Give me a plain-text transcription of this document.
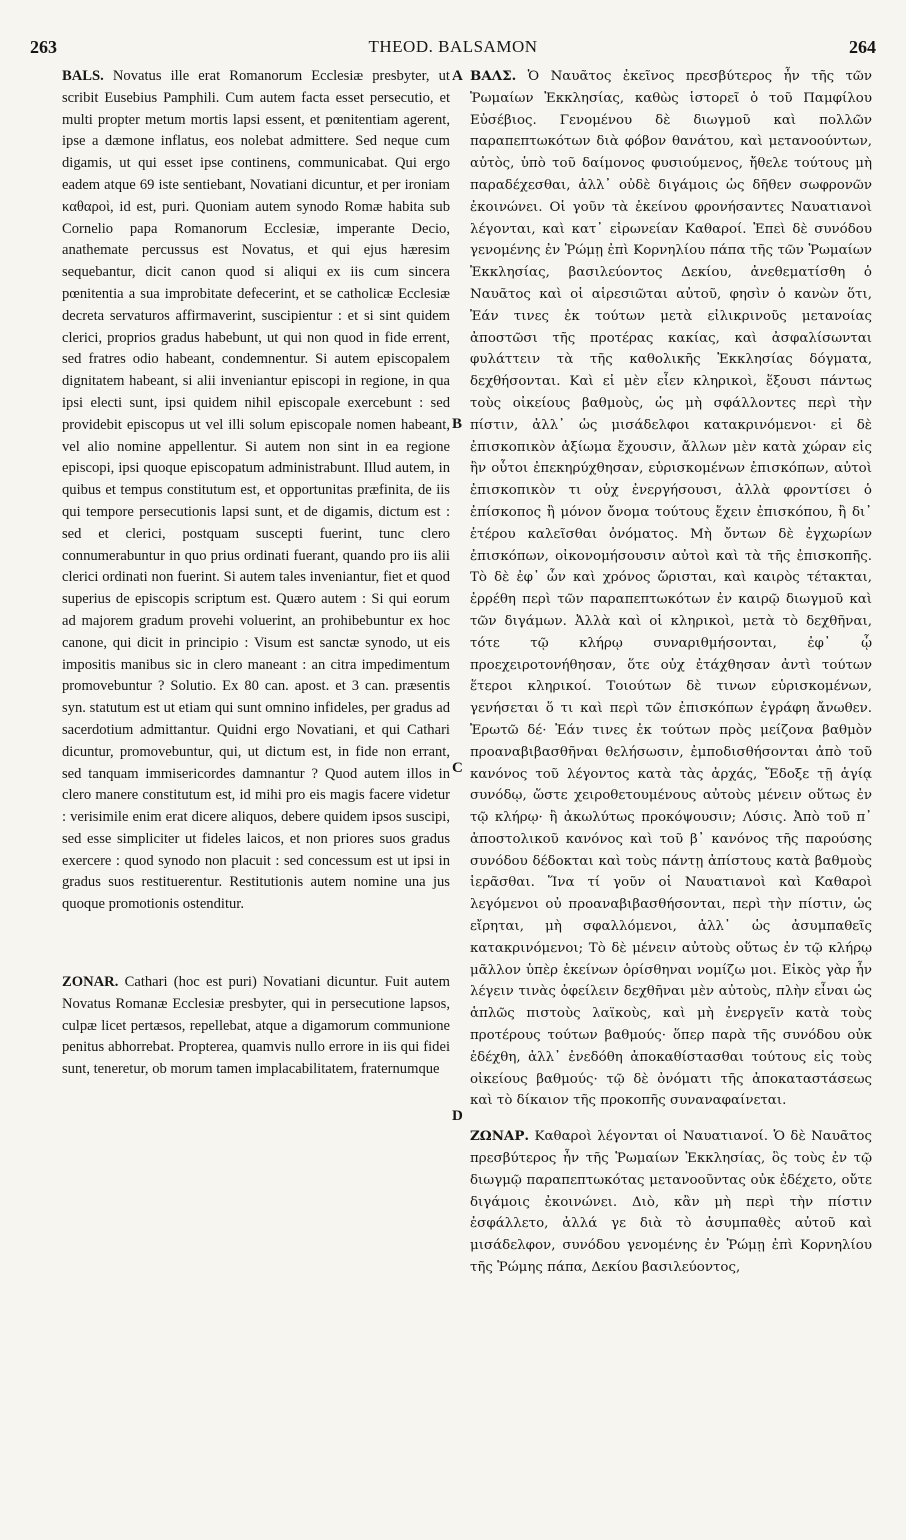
263	THEOD. BALSAMON	264
A
B
C
D

BALS. Novatus ille erat Romanorum Ecclesiæ presbyter, ut scribit Eusebius Pamphili. Cum autem facta esset persecutio, et multi propter metum mortis lapsi essent, et pœnitentiam agerent, ipse a dæmone inflatus, eos nolebat admittere. Sed neque cum digamis, ut qui esset ipse continens, communicabat. Qui ergo eadem atque 69 iste sentiebant, Novatiani dicuntur, et per ironiam καθαροὶ, id est, puri. Quoniam autem synodo Romæ habita sub Cornelio papa Romanorum Ecclesiæ, imperante Decio, anathemate percussus est Novatus, et qui ejus hæresim sequebantur, dicit canon quod si aliqui ex iis cum sincera pœnitentia a sua improbitate defecerint, et se catholicæ Ecclesiæ decreta servaturos affirmaverint, suscipientur : et si sint quidem clerici, proprios gradus habebunt, ut qui non quod in fide errent, sed fratres odio habeant, condemnentur. Si autem episcopalem dignitatem habeant, si alii inveniantur episcopi in regione, in qua ipsi electi sunt, ipsi quidem nihil episcopale exercebunt : sed providebit episcopus ut vel illi solum episcopale nomen habeant, vel alio nomine appellentur. Si autem non sint in ea regione episcopi, ipsi quoque episcopatum administrabunt. Illud autem, in quibus et tempus constitutum est, et opportunitas præfinita, de iis qui tempore persecutionis lapsi sunt, et de digamis, dictum est : sed et clerici, postquam suscepti fuerint, tunc clero connumerabuntur in quo prius ordinati fuerant, quando pro iis alii clerici ordinati non fuerint. Si autem tales inveniantur, fiet et quod superius de episcopis scriptum est. Quæro autem : Si qui eorum ad majorem gradum provehi voluerint, an prohibebuntur ex hoc canone, qui dicit in principio : Visum est sanctæ synodo, ut eis impositis manibus sic in clero maneant : an citra impedimentum promovebuntur ? Solutio. Ex 80 can. apost. et 3 can. præsentis syn. statutum est ut etiam qui sunt omnino infideles, per gradus ad sacerdotium admittantur. Quidni ergo Novatiani, et qui Cathari dicuntur, promovebuntur, qui, ut dictum est, in fide non errant, sed tanquam immisericordes damnantur ? Quod autem illos in clero manere constitutum est, id mihi pro eis magis facere videtur : verisimile enim erat dicere aliquos, debere quidem ipsos suscipi, sed esse simpliciter ut fideles laicos, et non priores suos gradus exercere : quod synodo non placuit : sed concessum est ut ipsi in gradus suos restituerentur. Restitutionis autem nomine una jus quoque promotionis ostenditur.

ZONAR. Cathari (hoc est puri) Novatiani dicuntur. Fuit autem Novatus Romanæ Ecclesiæ presbyter, qui in persecutione lapsos, culpæ licet pertæsos, repellebat, atque a digamorum communione penitus abhorrebat. Propterea, quamvis nullo errore in iis qui fidei sunt, teneretur, ob morum tamen implacabilitatem, fraternumque

ΒΑΛΣ. Ὁ Ναυᾶτος ἐκεῖνος πρεσβύτερος ἦν τῆς τῶν Ῥωμαίων Ἐκκλησίας, καθὼς ἱστορεῖ ὁ τοῦ Παμφίλου Εὐσέβιος. Γενομένου δὲ διωγμοῦ καὶ πολλῶν παραπεπτωκότων διὰ φόβον θανάτου, καὶ μετανοούντων, αὐτὸς, ὑπὸ τοῦ δαίμονος φυσιούμενος, ἤθελε τούτους μὴ παραδέχεσθαι, ἀλλ᾿ οὐδὲ διγάμοις ὡς δῆθεν σωφρονῶν ἐκοινώνει. Οἱ γοῦν τὰ ἐκείνου φρονήσαντες Ναυατιανοὶ λέγονται, καὶ κατ᾿ εἰρωνείαν Καθαροί. Ἐπεὶ δὲ συνόδου γενομένης ἐν Ῥώμῃ ἐπὶ Κορνηλίου πάπα τῆς τῶν Ῥωμαίων Ἐκκλησίας, βασιλεύοντος Δεκίου, ἀνεθεματίσθη ὁ Ναυᾶτος καὶ οἱ αἱρεσιῶται αὐτοῦ, φησὶν ὁ κανὼν ὅτι, Ἐάν τινες ἐκ τούτων μετὰ εἰλικρινοῦς μετανοίας ἀποστῶσι τῆς προτέρας κακίας, καὶ ἀσφαλίσωνται φυλάττειν τὰ τῆς καθολικῆς Ἐκκλησίας δόγματα, δεχθήσονται. Καὶ εἰ μὲν εἶεν κληρικοὶ, ἕξουσι πάντως τοὺς οἰκείους βαθμοὺς, ὡς μὴ σφάλλοντες περὶ τὴν πίστιν, ἀλλ᾿ ὡς μισάδελφοι κατακρινόμενοι· εἰ δὲ ἐπισκοπικὸν ἀξίωμα ἔχουσιν, ἄλλων μὲν κατὰ χώραν εἰς ἣν οὗτοι ἐπεκηρύχθησαν, εὑρισκομένων ἐπισκόπων, αὐτοὶ ἐπισκοπικὸν τι οὐχ ἐνεργήσουσι, ἀλλὰ φροντίσει ὁ ἐπίσκοπος ἢ μόνον ὄνομα τούτους ἔχειν ἐπισκόπου, ἢ δι᾿ ἑτέρου καλεῖσθαι ὀνόματος. Μὴ ὄντων δὲ ἐγχωρίων ἐπισκόπων, οἰκονομήσουσιν αὐτοὶ καὶ τὰ τῆς ἐπισκοπῆς. Τὸ δὲ ἐφ᾿ ὧν καὶ χρόνος ὥρισται, καὶ καιρὸς τέτακται, ἐρρέθη περὶ τῶν παραπεπτωκότων ἐν καιρῷ διωγμοῦ καὶ τῶν διγάμων. Ἀλλὰ καὶ οἱ κληρικοὶ, μετὰ τὸ δεχθῆναι, τότε τῷ κλήρῳ συναριθμήσονται, ἐφ᾿ ᾧ προεχειροτονήθησαν, ὅτε οὐχ ἐτάχθησαν ἀντὶ τούτων ἕτεροι κληρικοί. Τοιούτων δὲ τινων εὑρισκομένων, γενήσεται ὅ τι καὶ περὶ τῶν ἐπισκόπων ἐγράφη ἄνωθεν. Ἐρωτῶ δέ· Ἐάν τινες ἐκ τούτων πρὸς μείζονα βαθμὸν προαναβιβασθῆναι θελήσωσιν, ἐμποδισθήσονται ἀπὸ τοῦ κανόνος τοῦ λέγοντος κατὰ τὰς ἀρχάς, Ἔδοξε τῇ ἁγίᾳ συνόδῳ, ὥστε χειροθετουμένους αὐτοὺς μένειν οὕτως ἐν τῷ κλήρῳ· ἢ ἀκωλύτως προκόψουσιν; Λύσις. Ἀπὸ τοῦ π᾿ ἀποστολικοῦ κανόνος καὶ τοῦ β᾿ κανόνος τῆς παρούσης συνόδου δέδοκται καὶ τοὺς πάντῃ ἀπίστους κατὰ βαθμοὺς ἱερᾶσθαι. Ἵνα τί γοῦν οἱ Ναυατιανοὶ καὶ Καθαροὶ λεγόμενοι οὐ προαναβιβασθήσονται, περὶ τὴν πίστιν, ὡς εἴρηται, μὴ σφαλλόμενοι, ἀλλ᾿ ὡς ἀσυμπαθεῖς κατακρινόμενοι; Τὸ δὲ μένειν αὐτοὺς οὕτως ἐν τῷ κλήρῳ μᾶλλον ὑπὲρ ἐκείνων ὁρίσθηναι νομίζω μοι. Εἰκὸς γὰρ ἦν λέγειν τινὰς ὀφείλειν δεχθῆναι μὲν αὐτοὺς, πλὴν εἶναι ὡς ἁπλῶς πιστοὺς λαϊκοὺς, καὶ μὴ ἐνεργεῖν κατὰ τοὺς προτέρους τούτων βαθμούς· ὅπερ παρὰ τῆς συνόδου οὐκ ἐδέχθη, ἀλλ᾿ ἐνεδόθη ἀποκαθίστασθαι τούτους εἰς τοὺς οἰκείους βαθμούς· τῷ δὲ ὀνόματι τῆς ἀποκαταστάσεως καὶ τὸ δίκαιον τῆς προκοπῆς συναναφαίνεται.

ΖΩΝΑΡ. Καθαροὶ λέγονται οἱ Ναυατιανοί. Ὁ δὲ Ναυᾶτος πρεσβύτερος ἦν τῆς Ῥωμαίων Ἐκκλησίας, ὃς τοὺς ἐν τῷ διωγμῷ παραπεπτωκότας μετανοοῦντας οὐκ ἐδέχετο, οὔτε διγάμοις ἐκοινώνει. Διὸ, κἂν μὴ περὶ τὴν πίστιν ἐσφάλλετο, ἀλλά γε διὰ τὸ ἀσυμπαθὲς αὐτοῦ καὶ μισάδελφον, συνόδου γενομένης ἐν Ῥώμῃ ἐπὶ Κορνηλίου τῆς Ῥώμης πάπα, Δεκίου βασιλεύοντος,
